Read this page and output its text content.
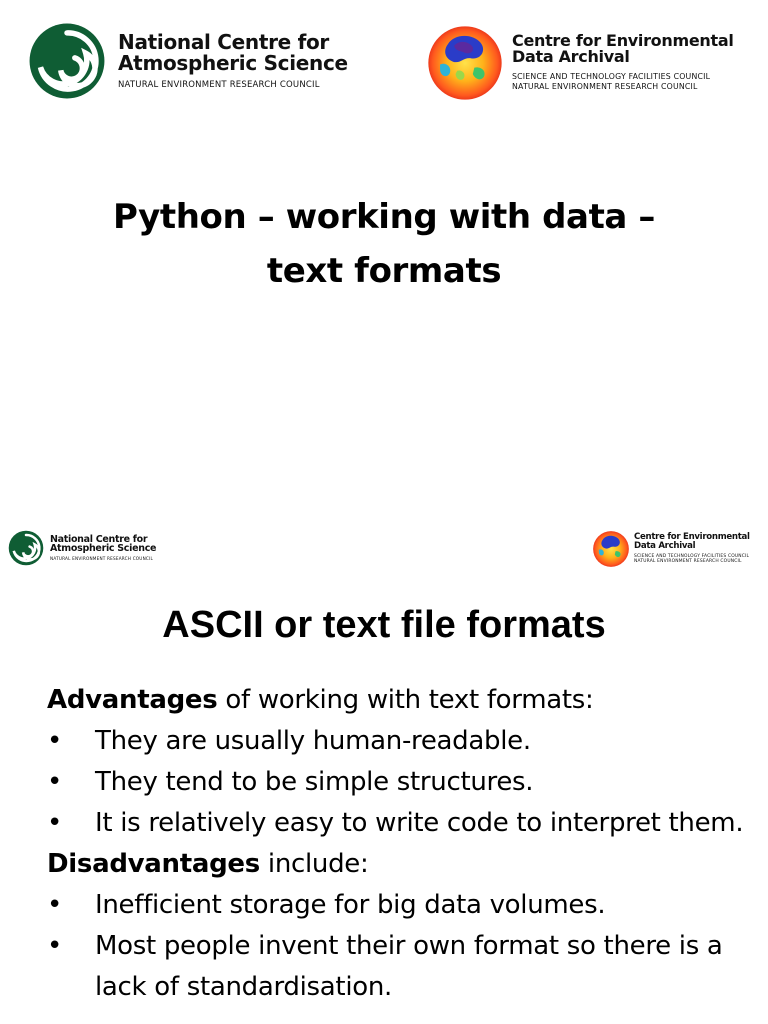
National Centre for
Atmospheric Science
NATURAL ENVIRONMENT RESEARCH COUNCIL
Centre for Environmental
Data Archival
SCIENCE AND TECHNOLOGY FACILITIES COUNCIL
NATURAL ENVIRONMENT RESEARCH COUNCIL
Python – working with data –
text formats
National Centre for
Atmospheric Science
NATURAL ENVIRONMENT RESEARCH COUNCIL
Centre for Environmental
Data Archival
SCIENCE AND TECHNOLOGY FACILITIES COUNCIL
NATURAL ENVIRONMENT RESEARCH COUNCIL
ASCII or text file formats

Advantages of working with text formats:

•	They are usually human-readable.
•	They tend to be simple structures.
•	It is relatively easy to write code to interpret them.

Disadvantages include:

•	Inefficient storage for big data volumes.
•	Most people invent their own format so there is a lack of standardisation.
